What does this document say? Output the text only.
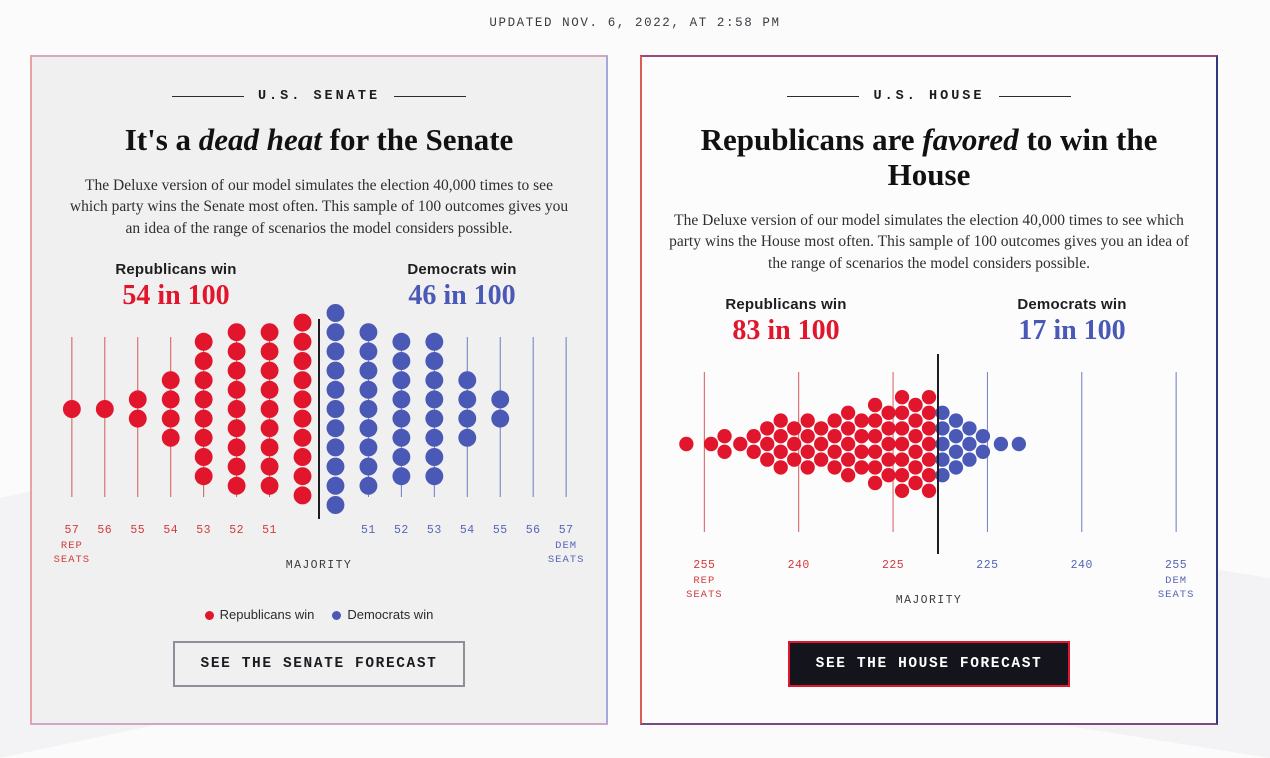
UPDATED NOV. 6, 2022, AT 2:58 PM
U.S. SENATE
It's a dead heat for the Senate

The Deluxe version of our model simulates the election 40,000 times to see which party wins the Senate most often. This sample of 100 outcomes gives you an idea of the range of scenarios the model considers possible.

Republicans win
54 in 100
Democrats win
46 in 100
57
REP
SEATS
56 55 54 53 52 51	51 52 53 54 55 56	57
DEM
SEATS
MAJORITY
Republicans win	Democrats win
SEE THE SENATE FORECAST
U.S. HOUSE
Republicans are favored to win the House

The Deluxe version of our model simulates the election 40,000 times to see which party wins the House most often. This sample of 100 outcomes gives you an idea of the range of scenarios the model considers possible.

Republicans win
83 in 100
Democrats win
17 in 100
255
REP
SEATS
240	225	225	240	255
DEM
SEATS
MAJORITY
SEE THE HOUSE FORECAST
